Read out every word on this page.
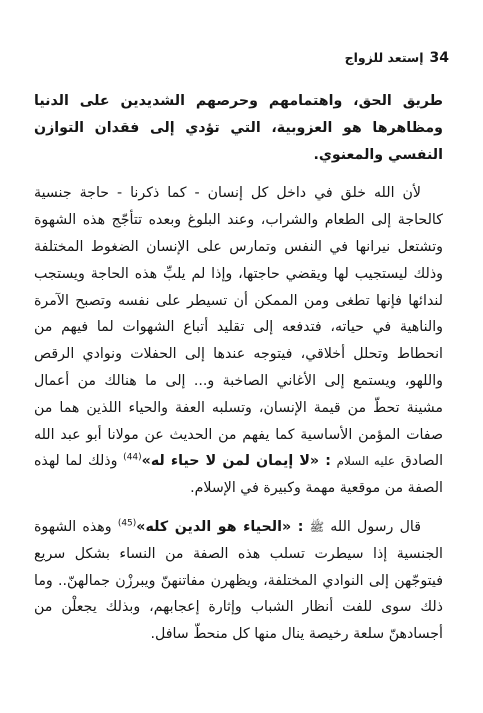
إستعد للزواج 34

طريق الحق، واهتمامهم وحرصهم الشديدين على الدنيا ومظاهرها هو العزوبية، التي تؤدي إلى فقدان التوازن النفسي والمعنوي.

لأن الله خلق في داخل كل إنسان - كما ذكرنا - حاجة جنسية كالحاجة إلى الطعام والشراب، وعند البلوغ وبعده تتأجّج هذه الشهوة وتشتعل نيرانها في النفس وتمارس على الإنسان الضغوط المختلفة وذلك ليستجيب لها ويقضي حاجتها، وإذا لم يلبِّ هذه الحاجة ويستجب لندائها فإنها تطغى ومن الممكن أن تسيطر على نفسه وتصبح الآمرة والناهية في حياته، فتدفعه إلى تقليد أتباع الشهوات لما فيهم من انحطاط وتحلل أخلاقي، فيتوجه عندها إلى الحفلات ونوادي الرقص واللهو، ويستمع إلى الأغاني الصاخبة و... إلى ما هنالك من أعمال مشينة تحطّ من قيمة الإنسان، وتسلبه العفة والحياء اللذين هما من صفات المؤمن الأساسية كما يفهم من الحديث عن مولانا أبو عبد الله الصادق عليه السلام : «لا إيمان لمن لا حياء له»$^{(44)}$ وذلك لما لهذه الصفة من موقعية مهمة وكبيرة في الإسلام.

قال رسول الله ﷺ : «الحياء هو الدين كله»$^{(45)}$ وهذه الشهوة الجنسية إذا سيطرت تسلب هذه الصفة من النساء بشكل سريع فيتوجّهن إلى النوادي المختلفة، ويظهرن مفاتنهنّ ويبرزْن جمالهنّ.. وما ذلك سوى للفت أنظار الشباب وإثارة إعجابهم، وبذلك يجعلْن من أجسادهنّ سلعة رخيصة ينال منها كل منحطّ سافل.
